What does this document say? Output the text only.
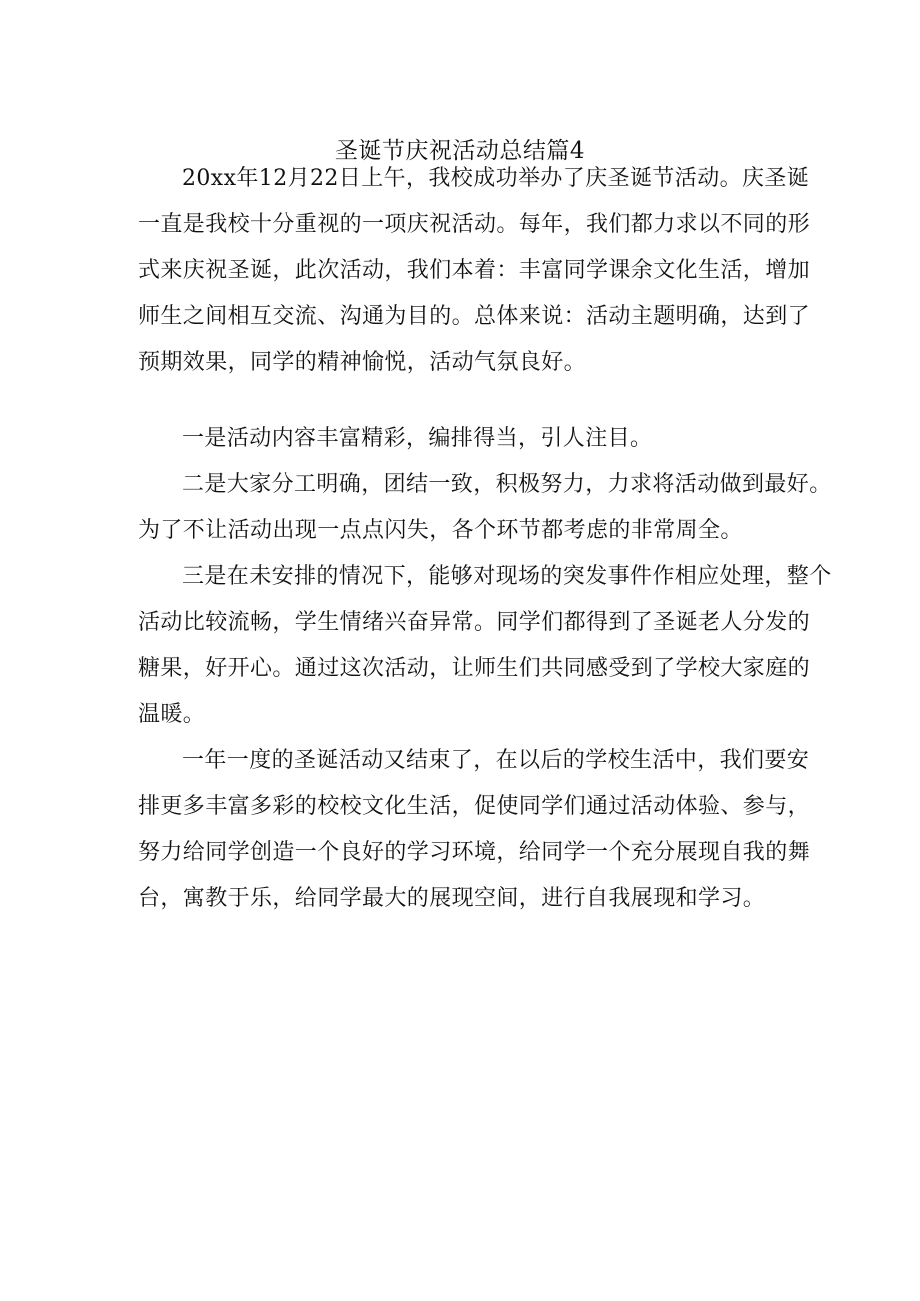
圣诞节庆祝活动总结篇4

20xx年12月22日上午，我校成功举办了庆圣诞节活动。庆圣诞
一直是我校十分重视的一项庆祝活动。每年，我们都力求以不同的形
式来庆祝圣诞，此次活动，我们本着：丰富同学课余文化生活，增加
师生之间相互交流、沟通为目的。总体来说：活动主题明确，达到了
预期效果，同学的精神愉悦，活动气氛良好。

一是活动内容丰富精彩，编排得当，引人注目。

二是大家分工明确，团结一致，积极努力，力求将活动做到最好。
为了不让活动出现一点点闪失，各个环节都考虑的非常周全。

三是在未安排的情况下，能够对现场的突发事件作相应处理，整个
活动比较流畅，学生情绪兴奋异常。同学们都得到了圣诞老人分发的
糖果，好开心。通过这次活动，让师生们共同感受到了学校大家庭的
温暖。

一年一度的圣诞活动又结束了，在以后的学校生活中，我们要安
排更多丰富多彩的校校文化生活，促使同学们通过活动体验、参与，
努力给同学创造一个良好的学习环境，给同学一个充分展现自我的舞
台，寓教于乐，给同学最大的展现空间，进行自我展现和学习。
